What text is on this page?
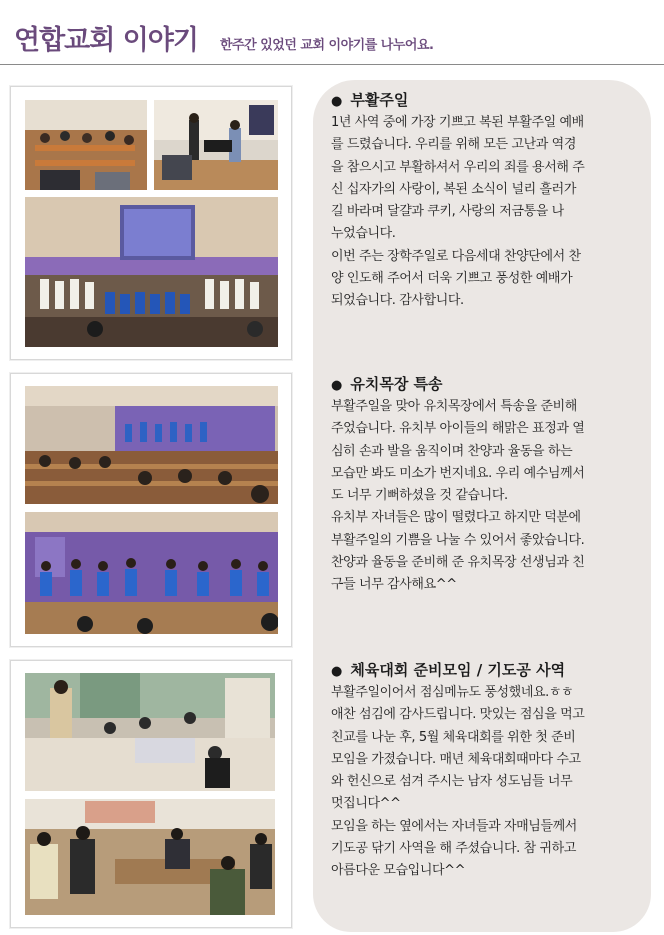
연합교회 이야기 한주간 있었던 교회 이야기를 나누어요.
● 부활주일
1년 사역 중에 가장 기쁘고 복된 부활주일 예배
를 드렸습니다. 우리를 위해 모든 고난과 역경
을 참으시고 부활하셔서 우리의 죄를 용서해 주
신 십자가의 사랑이, 복된 소식이 널리 흘러가
길 바라며 달걀과 쿠키, 사랑의 저금통을 나
누었습니다.
이번 주는 장학주일로 다음세대 찬양단에서 찬
양 인도해 주어서 더욱 기쁘고 풍성한 예배가
되었습니다. 감사합니다.
● 유치목장 특송
부활주일을 맞아 유치목장에서 특송을 준비해
주었습니다. 유치부 아이들의 해맑은 표정과 열
심히 손과 발을 움직이며 찬양과 율동을 하는
모습만 봐도 미소가 번지네요. 우리 예수님께서
도 너무 기뻐하셨을 것 같습니다.
유치부 자녀들은 많이 떨렸다고 하지만 덕분에
부활주일의 기쁨을 나눌 수 있어서 좋았습니다.
찬양과 율동을 준비해 준 유치목장 선생님과 친
구들 너무 감사해요^^
● 체육대회 준비모임 / 기도공 사역
부활주일이어서 점심메뉴도 풍성했네요.ㅎㅎ
애찬 섬김에 감사드립니다. 맛있는 점심을 먹고
친교를 나눈 후, 5월 체육대회를 위한 첫 준비
모임을 가졌습니다. 매년 체육대회때마다 수고
와 헌신으로 섬겨 주시는 남자 성도님들 너무
멋집니다^^
모임을 하는 옆에서는 자녀들과 자매님들께서
기도공 닦기 사역을 해 주셨습니다. 참 귀하고
아름다운 모습입니다^^
